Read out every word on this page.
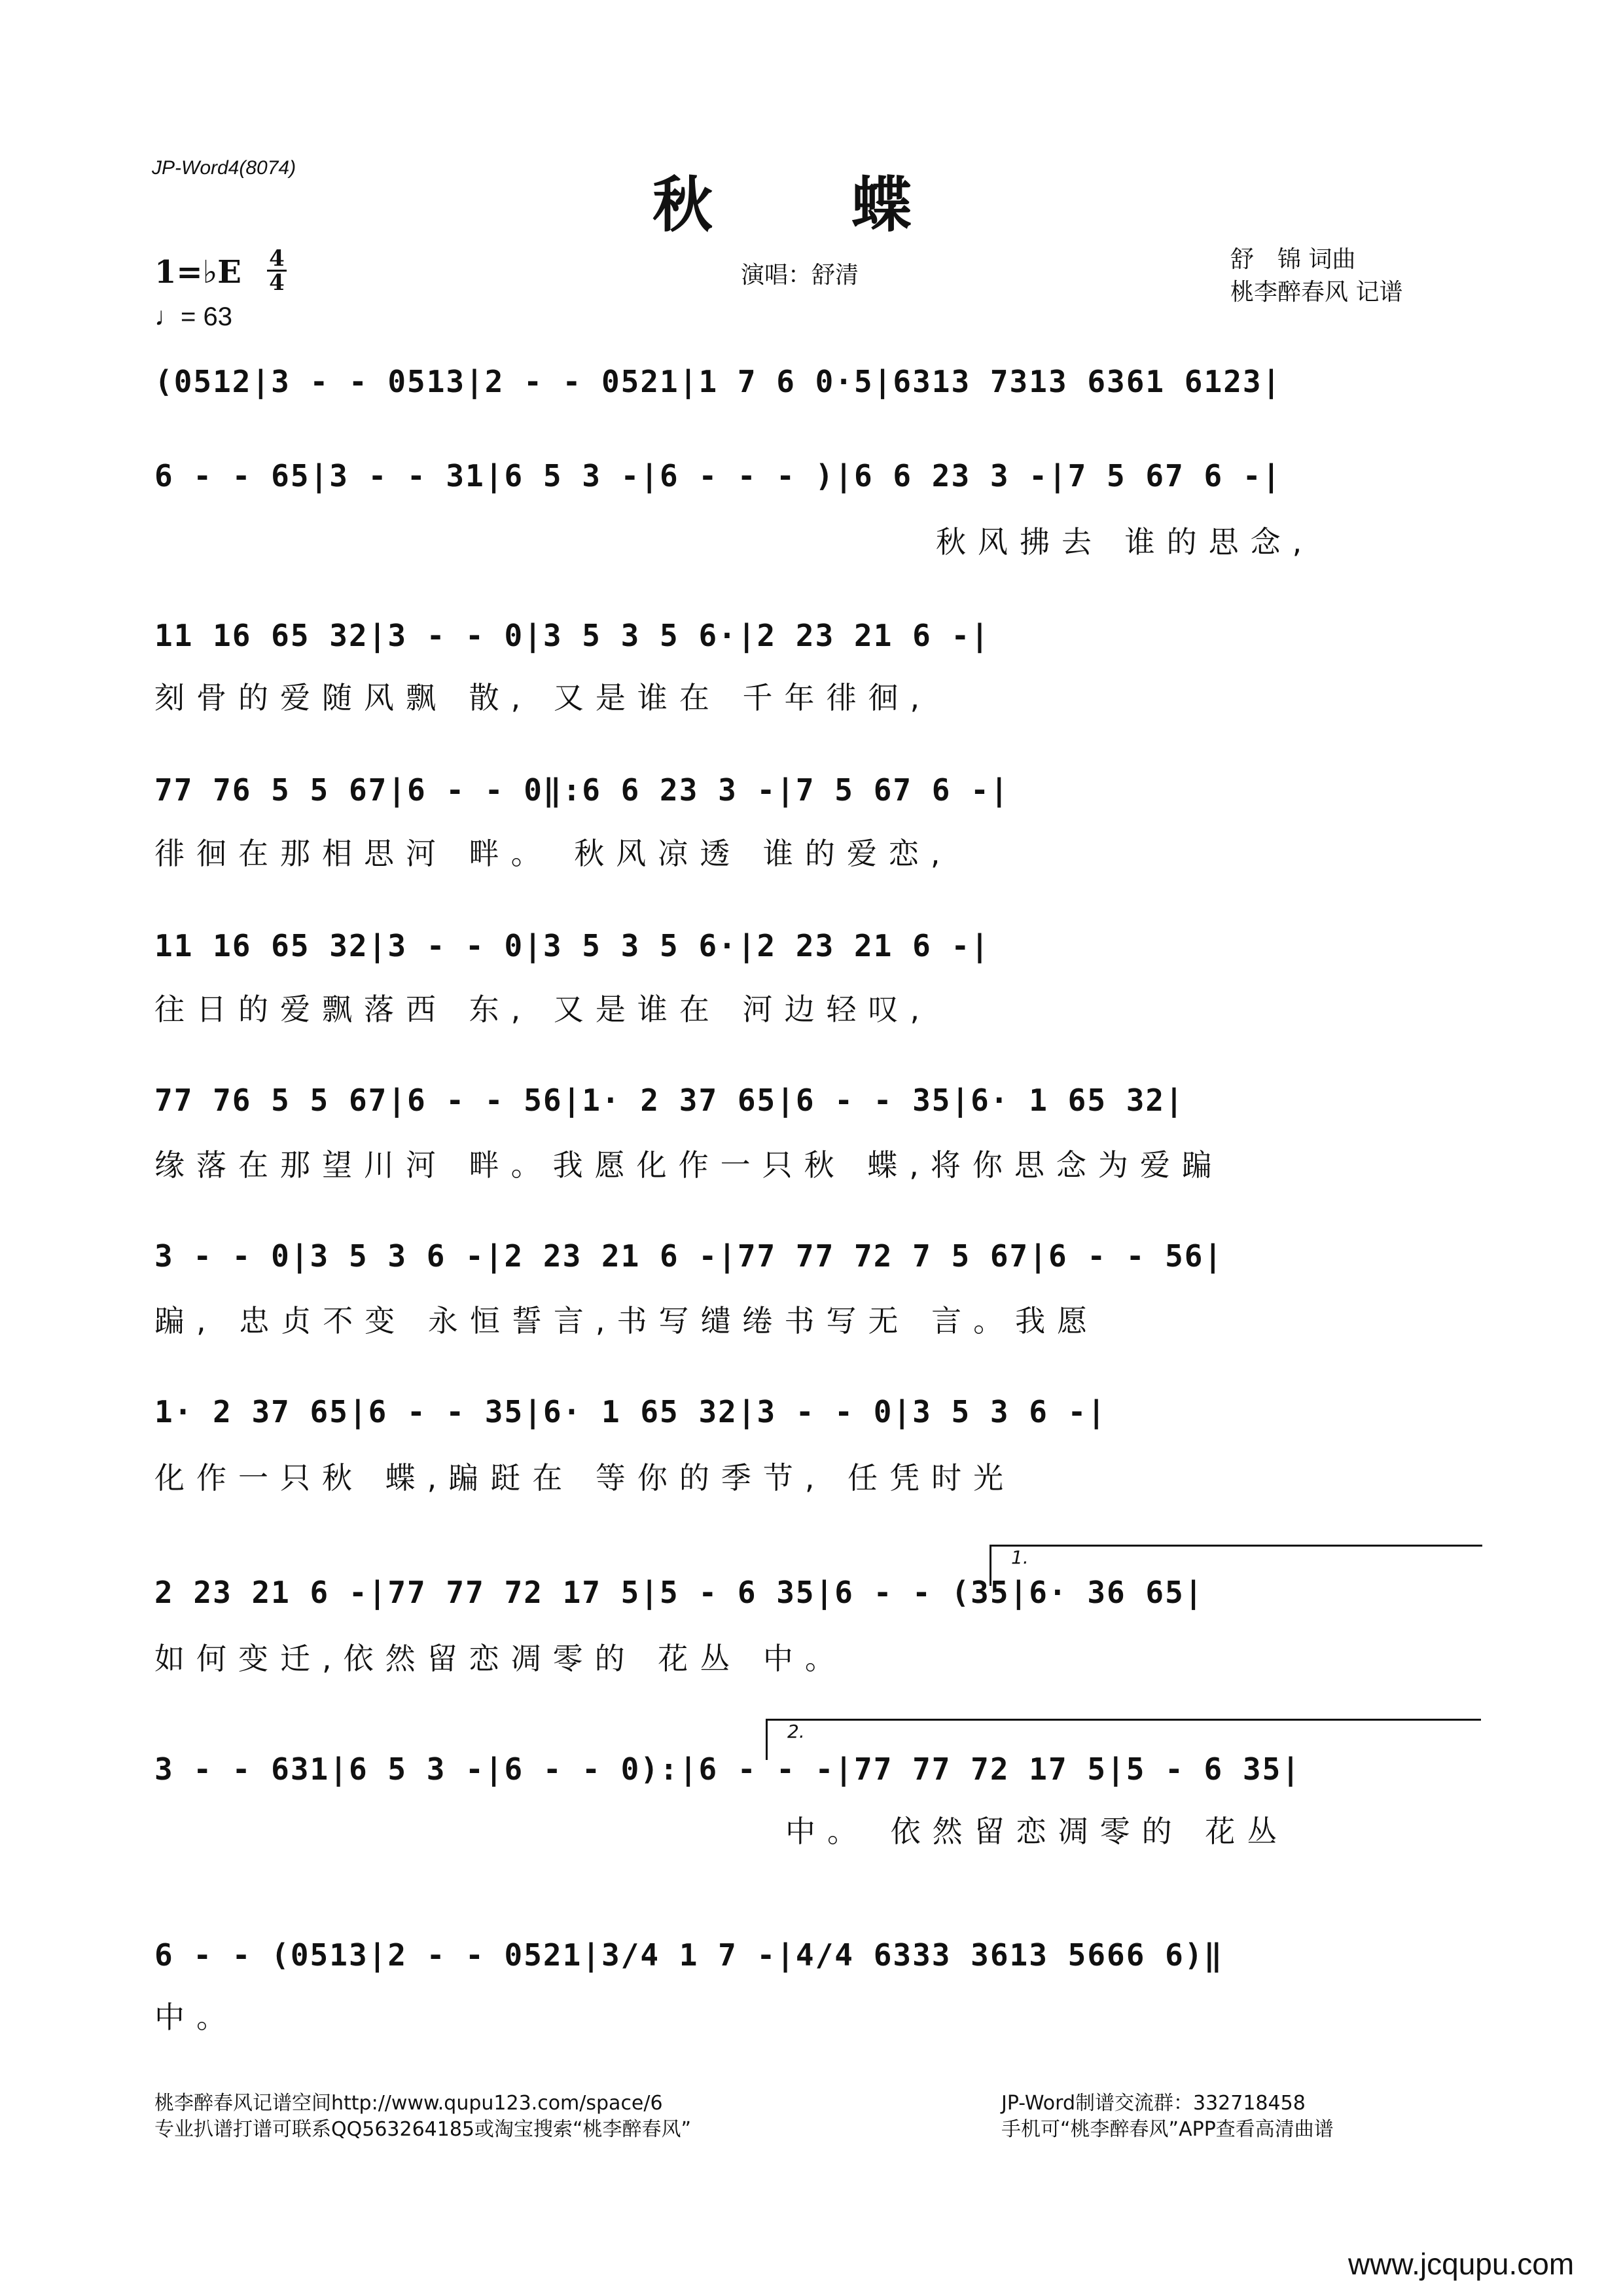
JP-Word4(8074)
秋 蝶
1=♭E 4
4
♩= 63
演唱：舒清
舒　锦 词曲
桃李醉春风 记谱
(0512|3 - - 0513|2 - - 0521|1 7 6 0·5|6313 7313 6361 6123|
6 - - 65|3 - - 31|6 5 3 -|6 - - - )|6 6 23 3 -|7 5 67 6 -|
秋风拂去 谁的思念,
11 16 65 32|3 - - 0|3 5 3 5 6·|2 23 21 6 -|
刻骨的爱随风飘 散, 又是谁在 千年徘徊,
77 76 5 5 67|6 - - 0‖:6 6 23 3 -|7 5 67 6 -|
徘徊在那相思河 畔。 秋风凉透 谁的爱恋,
11 16 65 32|3 - - 0|3 5 3 5 6·|2 23 21 6 -|
往日的爱飘落西 东, 又是谁在 河边轻叹,
77 76 5 5 67|6 - - 56|1· 2 37 65|6 - - 35|6· 1 65 32|
缘落在那望川河 畔。我愿化作一只秋 蝶,将你思念为爱蹁
3 - - 0|3 5 3 6 -|2 23 21 6 -|77 77 72 7 5 67|6 - - 56|
蹁, 忠贞不变 永恒誓言,书写缱绻书写无 言。我愿
1· 2 37 65|6 - - 35|6· 1 65 32|3 - - 0|3 5 3 6 -|
化作一只秋 蝶,蹁跹在 等你的季节, 任凭时光
1.
2 23 21 6 -|77 77 72 17 5|5 - 6 35|6 - - (35|6· 36 65|
如何变迁,依然留恋凋零的 花丛 中。
2.
3 - - 631|6 5 3 -|6 - - 0):|6 - - -|77 77 72 17 5|5 - 6 35|
中。 依然留恋凋零的 花丛
6 - - (0513|2 - - 0521|3/4 1 7 -|4/4 6333 3613 5666 6)‖
中。
桃李醉春风记谱空间http://www.qupu123.com/space/6
专业扒谱打谱可联系QQ563264185或淘宝搜索“桃李醉春风”
JP-Word制谱交流群：332718458
手机可“桃李醉春风”APP查看高清曲谱
www.jcqupu.com
